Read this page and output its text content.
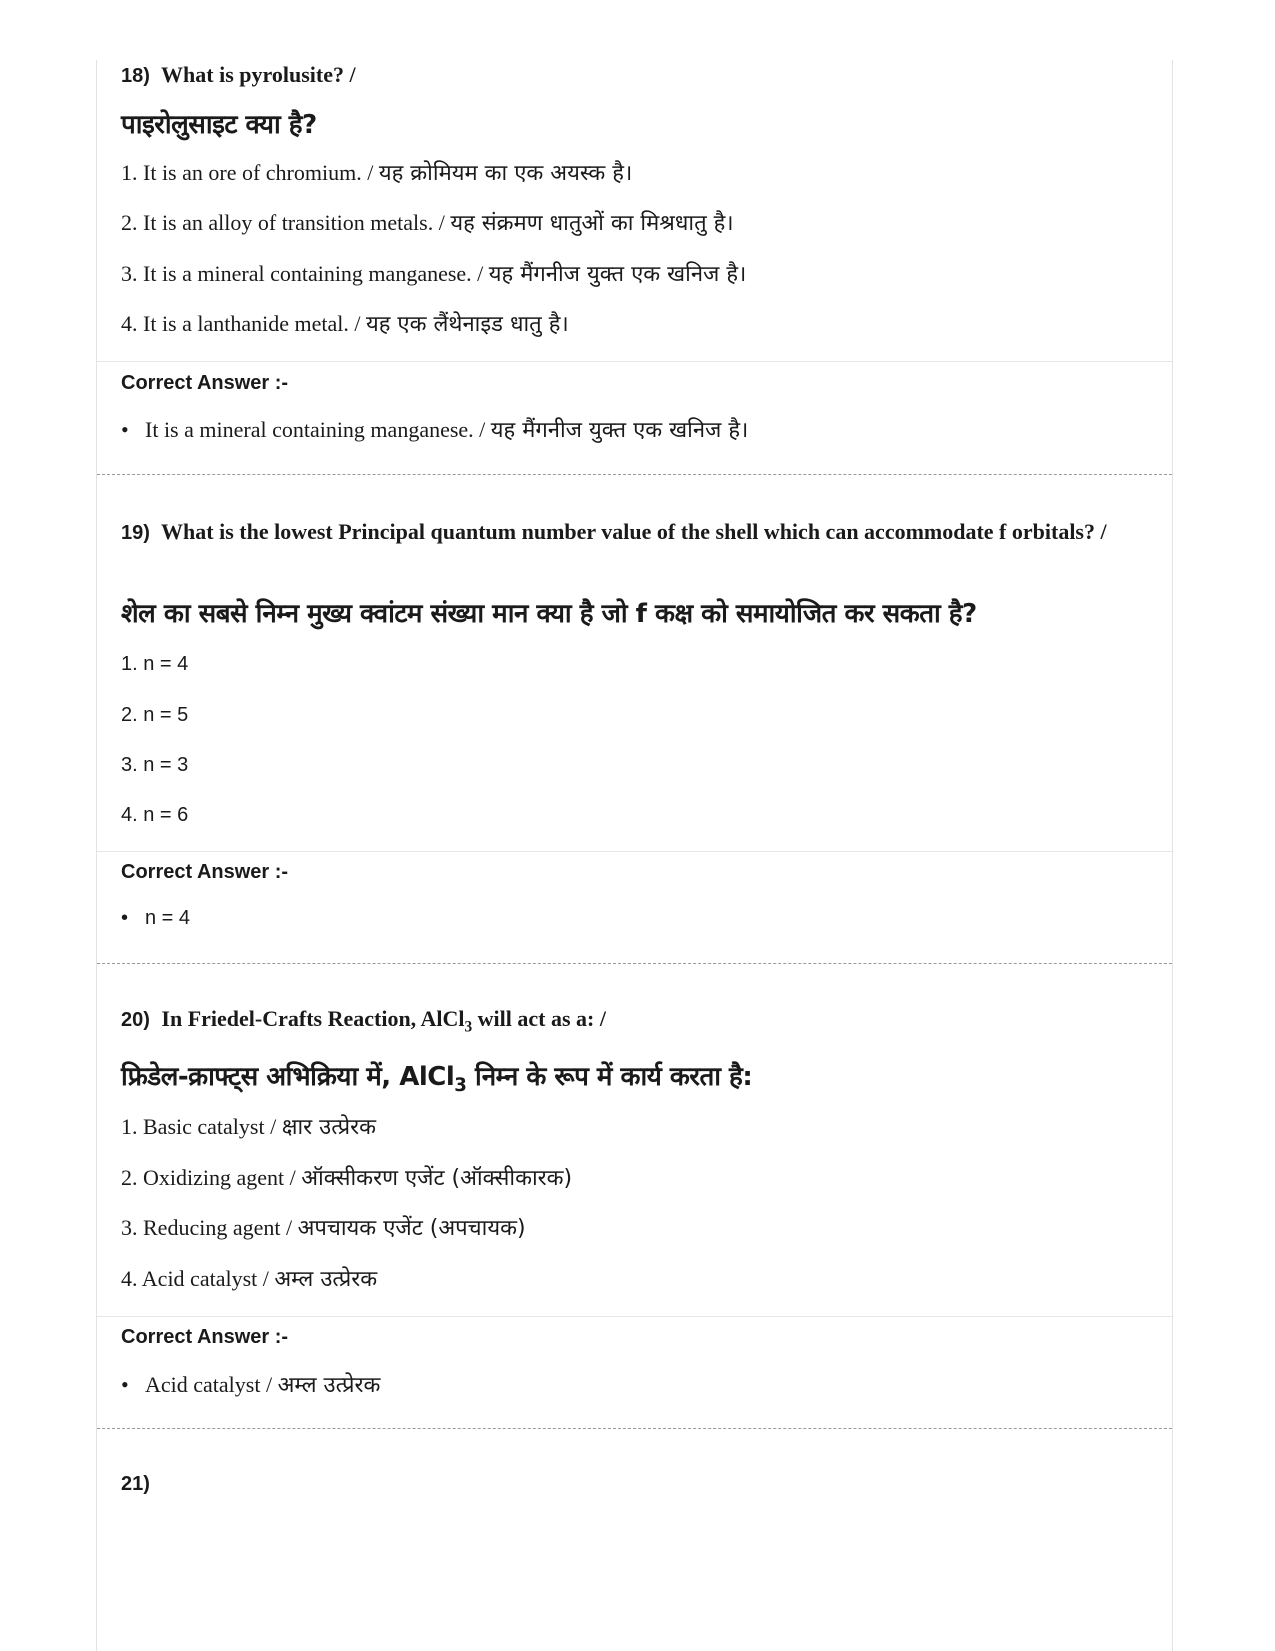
18) What is pyrolusite? /
पाइरोलुसाइट क्या है?
1. It is an ore of chromium. / यह क्रोमियम का एक अयस्क है।
2. It is an alloy of transition metals. / यह संक्रमण धातुओं का मिश्रधातु है।
3. It is a mineral containing manganese. / यह मैंगनीज युक्त एक खनिज है।
4. It is a lanthanide metal. / यह एक लैंथेनाइड धातु है।
Correct Answer :-
• It is a mineral containing manganese. / यह मैंगनीज युक्त एक खनिज है।
19) What is the lowest Principal quantum number value of the shell which can accommodate f orbitals? /
शेल का सबसे निम्न मुख्य क्वांटम संख्या मान क्या है जो f कक्ष को समायोजित कर सकता है?
1. n = 4
2. n = 5
3. n = 3
4. n = 6
Correct Answer :-
• n = 4
20) In Friedel-Crafts Reaction, AlCl$_3$ will act as a: /
फ्रिडेल-क्राफ्ट्स अभिक्रिया में, AlCl$_3$ निम्न के रूप में कार्य करता है:
1. Basic catalyst / क्षार उत्प्रेरक
2. Oxidizing agent / ऑक्सीकरण एजेंट (ऑक्सीकारक)
3. Reducing agent / अपचायक एजेंट (अपचायक)
4. Acid catalyst / अम्ल उत्प्रेरक
Correct Answer :-
• Acid catalyst / अम्ल उत्प्रेरक
21)
